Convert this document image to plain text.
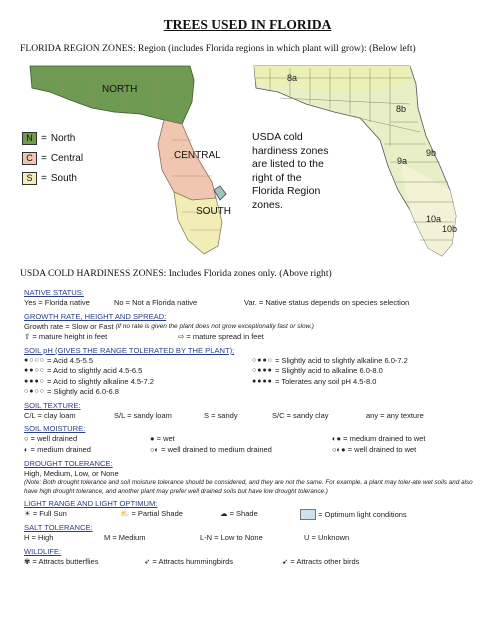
TREES USED IN FLORIDA
FLORIDA REGION ZONES: Region (includes Florida regions in which plant will grow): (Below left)
NORTH
CENTRAL
SOUTH
N = North
C = Central
S = South
8a
8b
9a
9b
10a
10b
USDA cold hardiness zones are listed to the right of the Florida Region zones.
USDA COLD HARDINESS ZONES: Includes Florida zones only. (Above right)
NATIVE STATUS:
Yes = Florida native	No = Not a Florida native	Var. = Native status depends on species selection
GROWTH RATE, HEIGHT AND SPREAD:
Growth rate = Slow or Fast
(if no rate is given the plant does not grow exceptionally fast or slow.)
⇧ = mature height in feet	⇨ = mature spread in feet
SOIL pH (GIVES THE RANGE TOLERATED BY THE PLANT):
●○○○
= Acid 4.5-5.5
●●○○
= Acid to slightly acid 4.5-6.5
●●●○
= Acid to slightly alkaline 4.5-7.2
○●○○
= Slightly acid 6.0-6.8
○●●○
= Slightly acid to slightly alkaline 6.0-7.2
○●●●
= Slightly acid to alkaline 6.0-8.0
●●●●
= Tolerates any soil pH 4.5-8.0
SOIL TEXTURE:
C/L = clay loam	S/L = sandy loam	S = sandy	S/C = sandy clay	any = any texture
SOIL MOISTURE:
○ = well drained	● = wet	◐● = medium drained to wet
◐ = medium drained	○◐ = well drained to medium drained	○◐● = well drained to wet
DROUGHT TOLERANCE:
High, Medium, Low, or None
(Note: Both drought tolerance and soil moisture tolerance should be considered, and they are not the same. For example, a plant may toler-ate wet soils and also have high drought tolerance, and another plant may prefer well drained soils but have low drought tolerance.)
LIGHT RANGE AND LIGHT OPTIMUM:
☀ = Full Sun	⛅ = Partial Shade	☁ = Shade	= Optimum light conditions
SALT TOLERANCE:
H = High	M = Medium	L-N = Low to None	U = Unknown
WILDLIFE:
✾ = Attracts butterflies	➶ = Attracts hummingbirds	➹ = Attracts other birds
